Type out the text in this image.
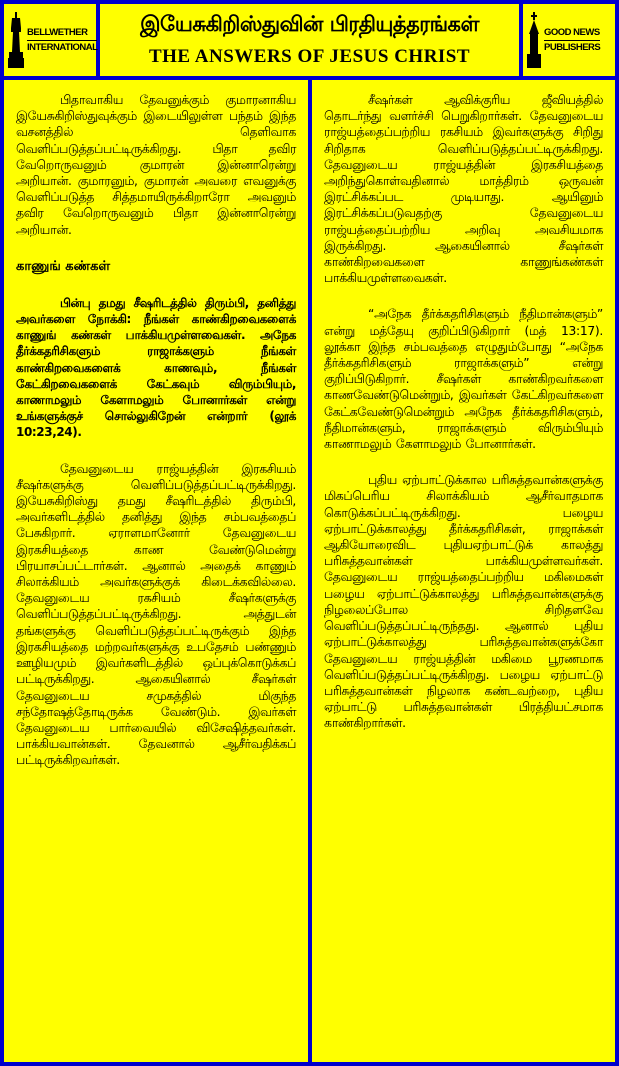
BELLWETHER
INTERNATIONAL
இயேசுகிறிஸ்துவின் பிரதியுத்தரங்கள்
THE ANSWERS OF JESUS CHRIST
GOOD NEWS
PUBLISHERS

பிதாவாகிய தேவனுக்கும் குமாரனாகிய இயேசுகிறிஸ்துவுக்கும் இடையிலுள்ள பந்தம் இந்த வசனத்தில் தெளிவாக வெளிப்படுத்தப்பட்டிருக்கிறது. பிதா தவிர வேறொருவனும் குமாரன் இன்னாரென்று அறியான். குமாரனும், குமாரன் அவரை எவனுக்கு வெளிப்படுத்த சித்தமாயிருக்கிறாரோ அவனும் தவிர வேறொருவனும் பிதா இன்னாரென்று அறியான்.

காணுங் கண்கள்

பின்பு தமது சீஷரிடத்தில் திரும்பி, தனித்து அவர்களை நோக்கி: நீங்கள் காண்கிறவைகளைக் காணுங் கண்கள் பாக்கியமுள்ளவைகள். அநேக தீர்க்கதரிசிகளும் ராஜாக்களும் நீங்கள் காண்கிறவைகளைக் காணவும், நீங்கள் கேட்கிறவைகளைக் கேட்கவும் விரும்பியும், காணாமலும் கேளாமலும் போனார்கள் என்று உங்களுக்குச் சொல்லுகிறேன் என்றார் (லூக் 10:23,24).

தேவனுடைய ராஜ்யத்தின் இரகசியம் சீஷர்களுக்கு வெளிப்படுத்தப்பட்டிருக்கிறது. இயேசுகிறிஸ்து தமது சீஷரிடத்தில் திரும்பி, அவர்களிடத்தில் தனித்து இந்த சம்பவத்தைப் பேசுகிறார். ஏராளமானோர் தேவனுடைய இரகசியத்தை காண வேண்டுமென்று பிரயாசப்பட்டார்கள். ஆனால் அதைக் காணும் சிலாக்கியம் அவர்களுக்குக் கிடைக்கவில்லை. தேவனுடைய ரகசியம் சீஷர்களுக்கு வெளிப்படுத்தப்பட்டிருக்கிறது. அத்துடன் தங்களுக்கு வெளிப்படுத்தப்பட்டிருக்கும் இந்த இரகசியத்தை மற்றவர்களுக்கு உபதேசம் பண்ணும் ஊழியமும் இவர்களிடத்தில் ஒப்புக்கொடுக்கப் பட்டிருக்கிறது. ஆகையினால் சீஷர்கள் தேவனுடைய சமுகத்தில் மிகுந்த சந்தோஷத்தோடிருக்க வேண்டும். இவர்கள் தேவனுடைய பார்வையில் விசேஷித்தவர்கள். பாக்கியவான்கள். தேவனால் ஆசீர்வதிக்கப் பட்டிருக்கிறவர்கள்.

சீஷர்கள் ஆவிக்குரிய ஜீவியத்தில் தொடர்ந்து வளர்ச்சி பெறுகிறார்கள். தேவனுடைய ராஜ்யத்தைப்பற்றிய ரகசியம் இவர்களுக்கு சிறிது சிறிதாக வெளிப்படுத்தப்பட்டிருக்கிறது. தேவனுடைய ராஜ்யத்தின் இரகசியத்தை அறிந்துகொள்வதினால் மாத்திரம் ஒருவன் இரட்சிக்கப்பட முடியாது. ஆயினும் இரட்சிக்கப்படுவதற்கு தேவனுடைய ராஜ்யத்தைப்பற்றிய அறிவு அவசியமாக இருக்கிறது. ஆகையினால் சீஷர்கள் காண்கிறவைகளை காணுங்கண்கள் பாக்கியமுள்ளவைகள்.

“அநேக தீர்க்கதரிசிகளும் நீதிமான்களும்” என்று மத்தேயு குறிப்பிடுகிறார் (மத் 13:17). லூக்கா இந்த சம்பவத்தை எழுதும்போது “அநேக தீர்க்கதரிசிகளும் ராஜாக்களும்” என்று குறிப்பிடுகிறார். சீஷர்கள் காண்கிறவர்களை காணவேண்டுமென்றும், இவர்கள் கேட்கிறவர்களை கேட்கவேண்டுமென்றும் அநேக தீர்க்கதரிசிகளும், நீதிமான்களும், ராஜாக்களும் விரும்பியும் காணாமலும் கேளாமலும் போனார்கள்.

புதிய ஏற்பாட்டுக்கால பரிசுத்தவான்களுக்கு மிகப்பெரிய சிலாக்கியம் ஆசீர்வாதமாக கொடுக்கப்பட்டிருக்கிறது. பழைய ஏற்பாட்டுக்காலத்து தீர்க்கதரிசிகள், ராஜாக்கள் ஆகியோரைவிட புதியஏற்பாட்டுக் காலத்து பரிசுத்தவான்கள் பாக்கியமுள்ளவர்கள். தேவனுடைய ராஜ்யத்தைப்பற்றிய மகிமைகள் பழைய ஏற்பாட்டுக்காலத்து பரிசுத்தவான்களுக்கு நிழலைப்போல சிறிதளவே வெளிப்படுத்தப்பட்டிருந்தது. ஆனால் புதிய ஏற்பாட்டுக்காலத்து பரிசுத்தவான்களுக்கோ தேவனுடைய ராஜ்யத்தின் மகிமை பூரணமாக வெளிப்படுத்தப்பட்டிருக்கிறது. பழைய ஏற்பாட்டு பரிசுத்தவான்கள் நிழலாக கண்டவற்றை, புதிய ஏற்பாட்டு பரிசுத்தவான்கள் பிரத்தியட்சமாக காண்கிறார்கள்.
